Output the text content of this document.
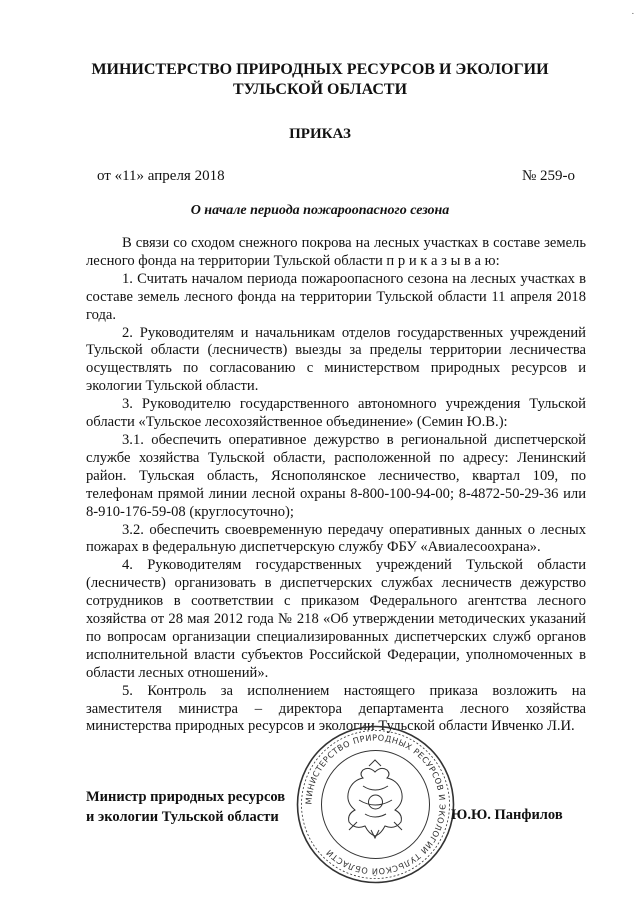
.
МИНИСТЕРСТВО ПРИРОДНЫХ РЕСУРСОВ И ЭКОЛОГИИ
ТУЛЬСКОЙ ОБЛАСТИ
ПРИКАЗ
от «11» апреля 2018	№ 259-о
О начале периода пожароопасного сезона

В связи со сходом снежного покрова на лесных участках в составе земель лесного фонда на территории Тульской области п р и к а з ы в а ю:

1. Считать началом периода пожароопасного сезона на лесных участках в составе земель лесного фонда на территории Тульской области 11 апреля 2018 года.

2. Руководителям и начальникам отделов государственных учреждений Тульской области (лесничеств) выезды за пределы территории лесничества осуществлять по согласованию с министерством природных ресурсов и экологии Тульской области.

3. Руководителю государственного автономного учреждения Тульской области «Тульское лесохозяйственное объединение» (Семин Ю.В.):

3.1. обеспечить оперативное дежурство в региональной диспетчерской службе хозяйства Тульской области, расположенной по адресу: Ленинский район. Тульская область, Яснополянское лесничество, квартал 109, по телефонам прямой линии лесной охраны 8-800-100-94-00; 8-4872-50-29-36 или 8-910-176-59-08 (круглосуточно);

3.2. обеспечить своевременную передачу оперативных данных о лесных пожарах в федеральную диспетчерскую службу ФБУ «Авиалесоохрана».

4. Руководителям государственных учреждений Тульской области (лесничеств) организовать в диспетчерских службах лесничеств дежурство сотрудников в соответствии с приказом Федерального агентства лесного хозяйства от 28 мая 2012 года № 218 «Об утверждении методических указаний по вопросам организации специализированных диспетчерских служб органов исполнительной власти субъектов Российской Федерации, уполномоченных в области лесных отношений».

5. Контроль за исполнением настоящего приказа возложить на заместителя министра – директора департамента лесного хозяйства министерства природных ресурсов и экологии Тульской области Ивченко Л.И.

МИНИСТЕРСТВО ПРИРОДНЫХ РЕСУРСОВ И ЭКОЛОГИИ ТУЛЬСКОЙ ОБЛАСТИ
Министр природных ресурсов
и экологии Тульской области	Ю.Ю. Панфилов
